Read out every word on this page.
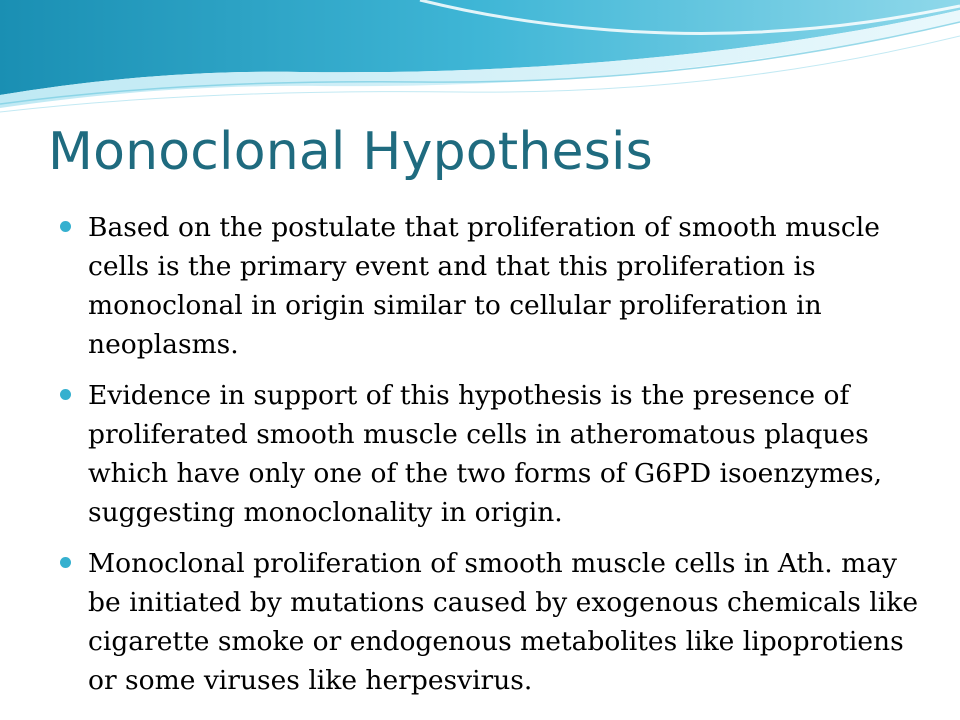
Monoclonal Hypothesis
Based on the postulate that proliferation of smooth muscle cells is the primary event and that this proliferation is monoclonal in origin similar to cellular proliferation in neoplasms.
Evidence in support of this hypothesis is the presence of proliferated smooth muscle cells in atheromatous plaques which have only one of the two forms of G6PD isoenzymes, suggesting monoclonality in origin.
Monoclonal proliferation of smooth muscle cells in Ath. may be initiated by mutations caused by exogenous chemicals like cigarette smoke or endogenous metabolites like lipoprotiens or some viruses like herpesvirus.
